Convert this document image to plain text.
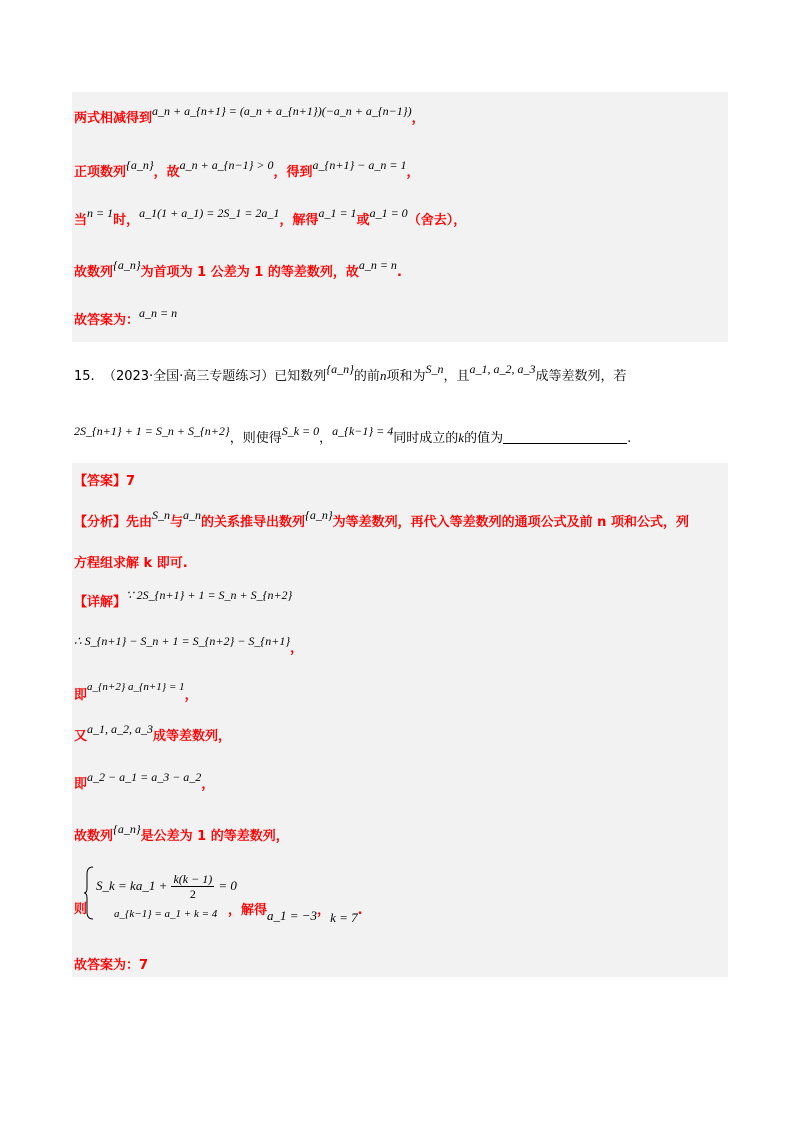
两式相减得到a_n + a_{n+1} = (a_n + a_{n+1})(−a_n + a_{n−1})，
正项数列{a_n}，故a_n + a_{n−1} > 0，得到a_{n+1} − a_n = 1，
当n = 1时，a_1(1 + a_1) = 2S_1 = 2a_1，解得a_1 = 1或a_1 = 0（舍去），
故数列{a_n}为首项为 1 公差为 1 的等差数列，故a_n = n.
故答案为：a_n = n
15. （2023·全国·高三专题练习）已知数列{a_n}的前n项和为S_n，且a_1, a_2, a_3成等差数列，若
2S_{n+1} + 1 = S_n + S_{n+2}，则使得S_k = 0，a_{k−1} = 4同时成立的k的值为	.
【答案】7
【分析】先由S_n与a_n的关系推导出数列{a_n}为等差数列，再代入等差数列的通项公式及前 n 项和公式，列
方程组求解 k 即可.
【详解】∵ 2S_{n+1} + 1 = S_n + S_{n+2}
∴ S_{n+1} − S_n + 1 = S_{n+2} − S_{n+1}，
即$^{a\_\{n+2\} a\_\{n+1\} = 1}$，
又a_1, a_2, a_3成等差数列，
即a_2 − a_1 = a_3 − a_2，
故数列{a_n}是公差为 1 的等差数列，
S_k = ka_1 + $\frac{k(k - 1)}{2} = 0$
则 a_{k−1} = a_1 + k = 4 ，解得a_1 = −3，k = 7.
故答案为：7
